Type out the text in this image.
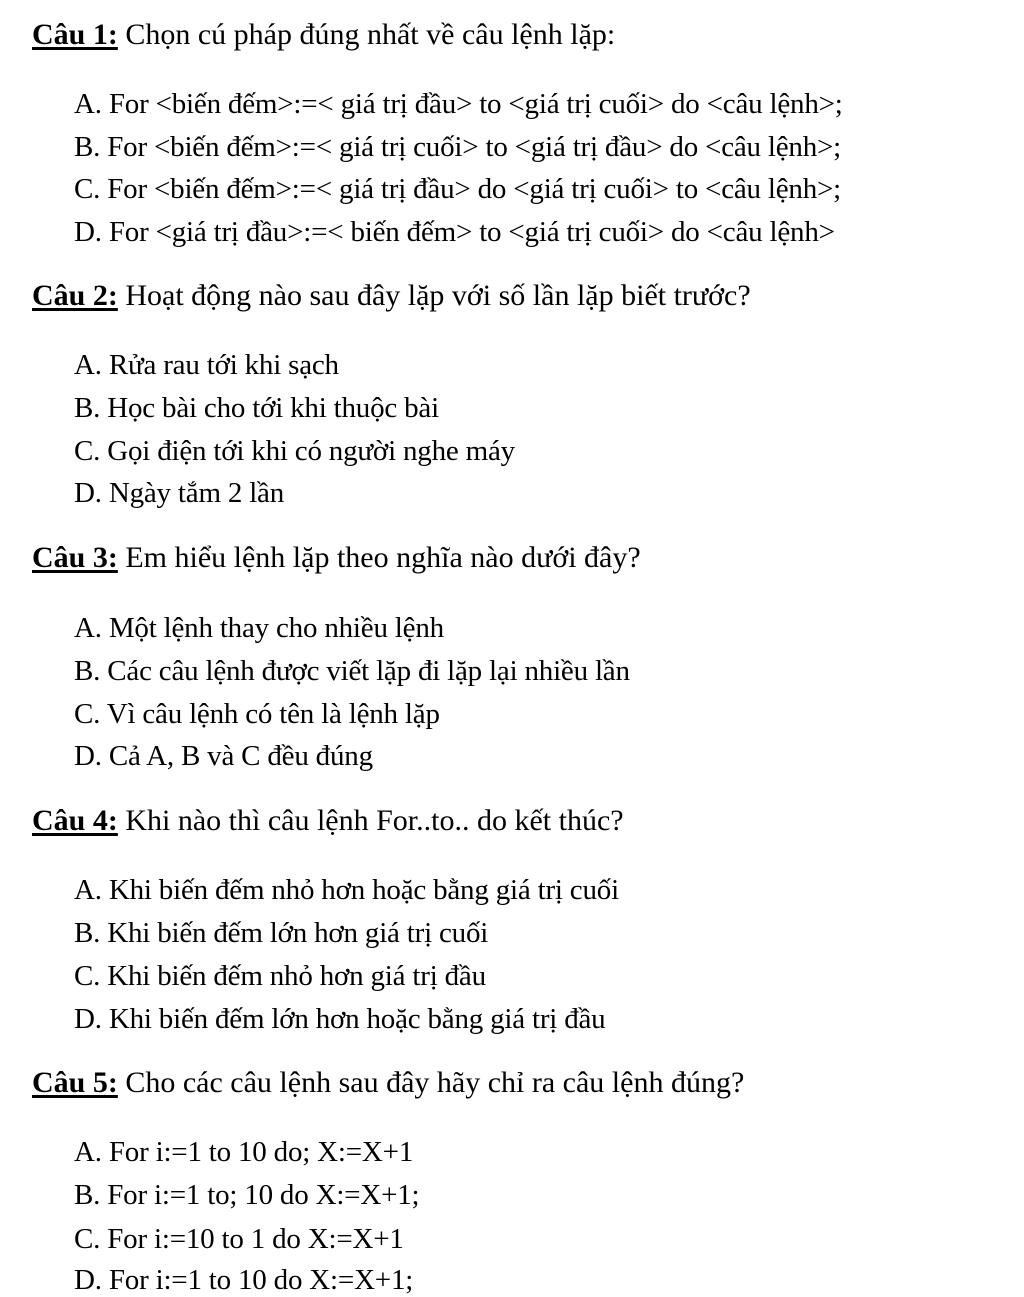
Câu 1: Chọn cú pháp đúng nhất về câu lệnh lặp:
A. For <biến đếm>:=< giá trị đầu> to <giá trị cuối> do <câu lệnh>;
B. For <biến đếm>:=< giá trị cuối> to <giá trị đầu> do <câu lệnh>;
C. For <biến đếm>:=< giá trị đầu> do <giá trị cuối> to <câu lệnh>;
D. For <giá trị đầu>:=< biến đếm> to <giá trị cuối> do <câu lệnh>
Câu 2: Hoạt động nào sau đây lặp với số lần lặp biết trước?
A. Rửa rau tới khi sạch
B. Học bài cho tới khi thuộc bài
C. Gọi điện tới khi có người nghe máy
D. Ngày tắm 2 lần
Câu 3: Em hiểu lệnh lặp theo nghĩa nào dưới đây?
A. Một lệnh thay cho nhiều lệnh
B. Các câu lệnh được viết lặp đi lặp lại nhiều lần
C. Vì câu lệnh có tên là lệnh lặp
D. Cả A, B và C đều đúng
Câu 4: Khi nào thì câu lệnh For..to.. do kết thúc?
A. Khi biến đếm nhỏ hơn hoặc bằng giá trị cuối
B. Khi biến đếm lớn hơn giá trị cuối
C. Khi biến đếm nhỏ hơn giá trị đầu
D. Khi biến đếm lớn hơn hoặc bằng giá trị đầu
Câu 5: Cho các câu lệnh sau đây hãy chỉ ra câu lệnh đúng?
A. For i:=1 to 10 do; X:=X+1
B. For i:=1 to; 10 do X:=X+1;
C. For i:=10 to 1 do X:=X+1
D. For i:=1 to 10 do X:=X+1;
